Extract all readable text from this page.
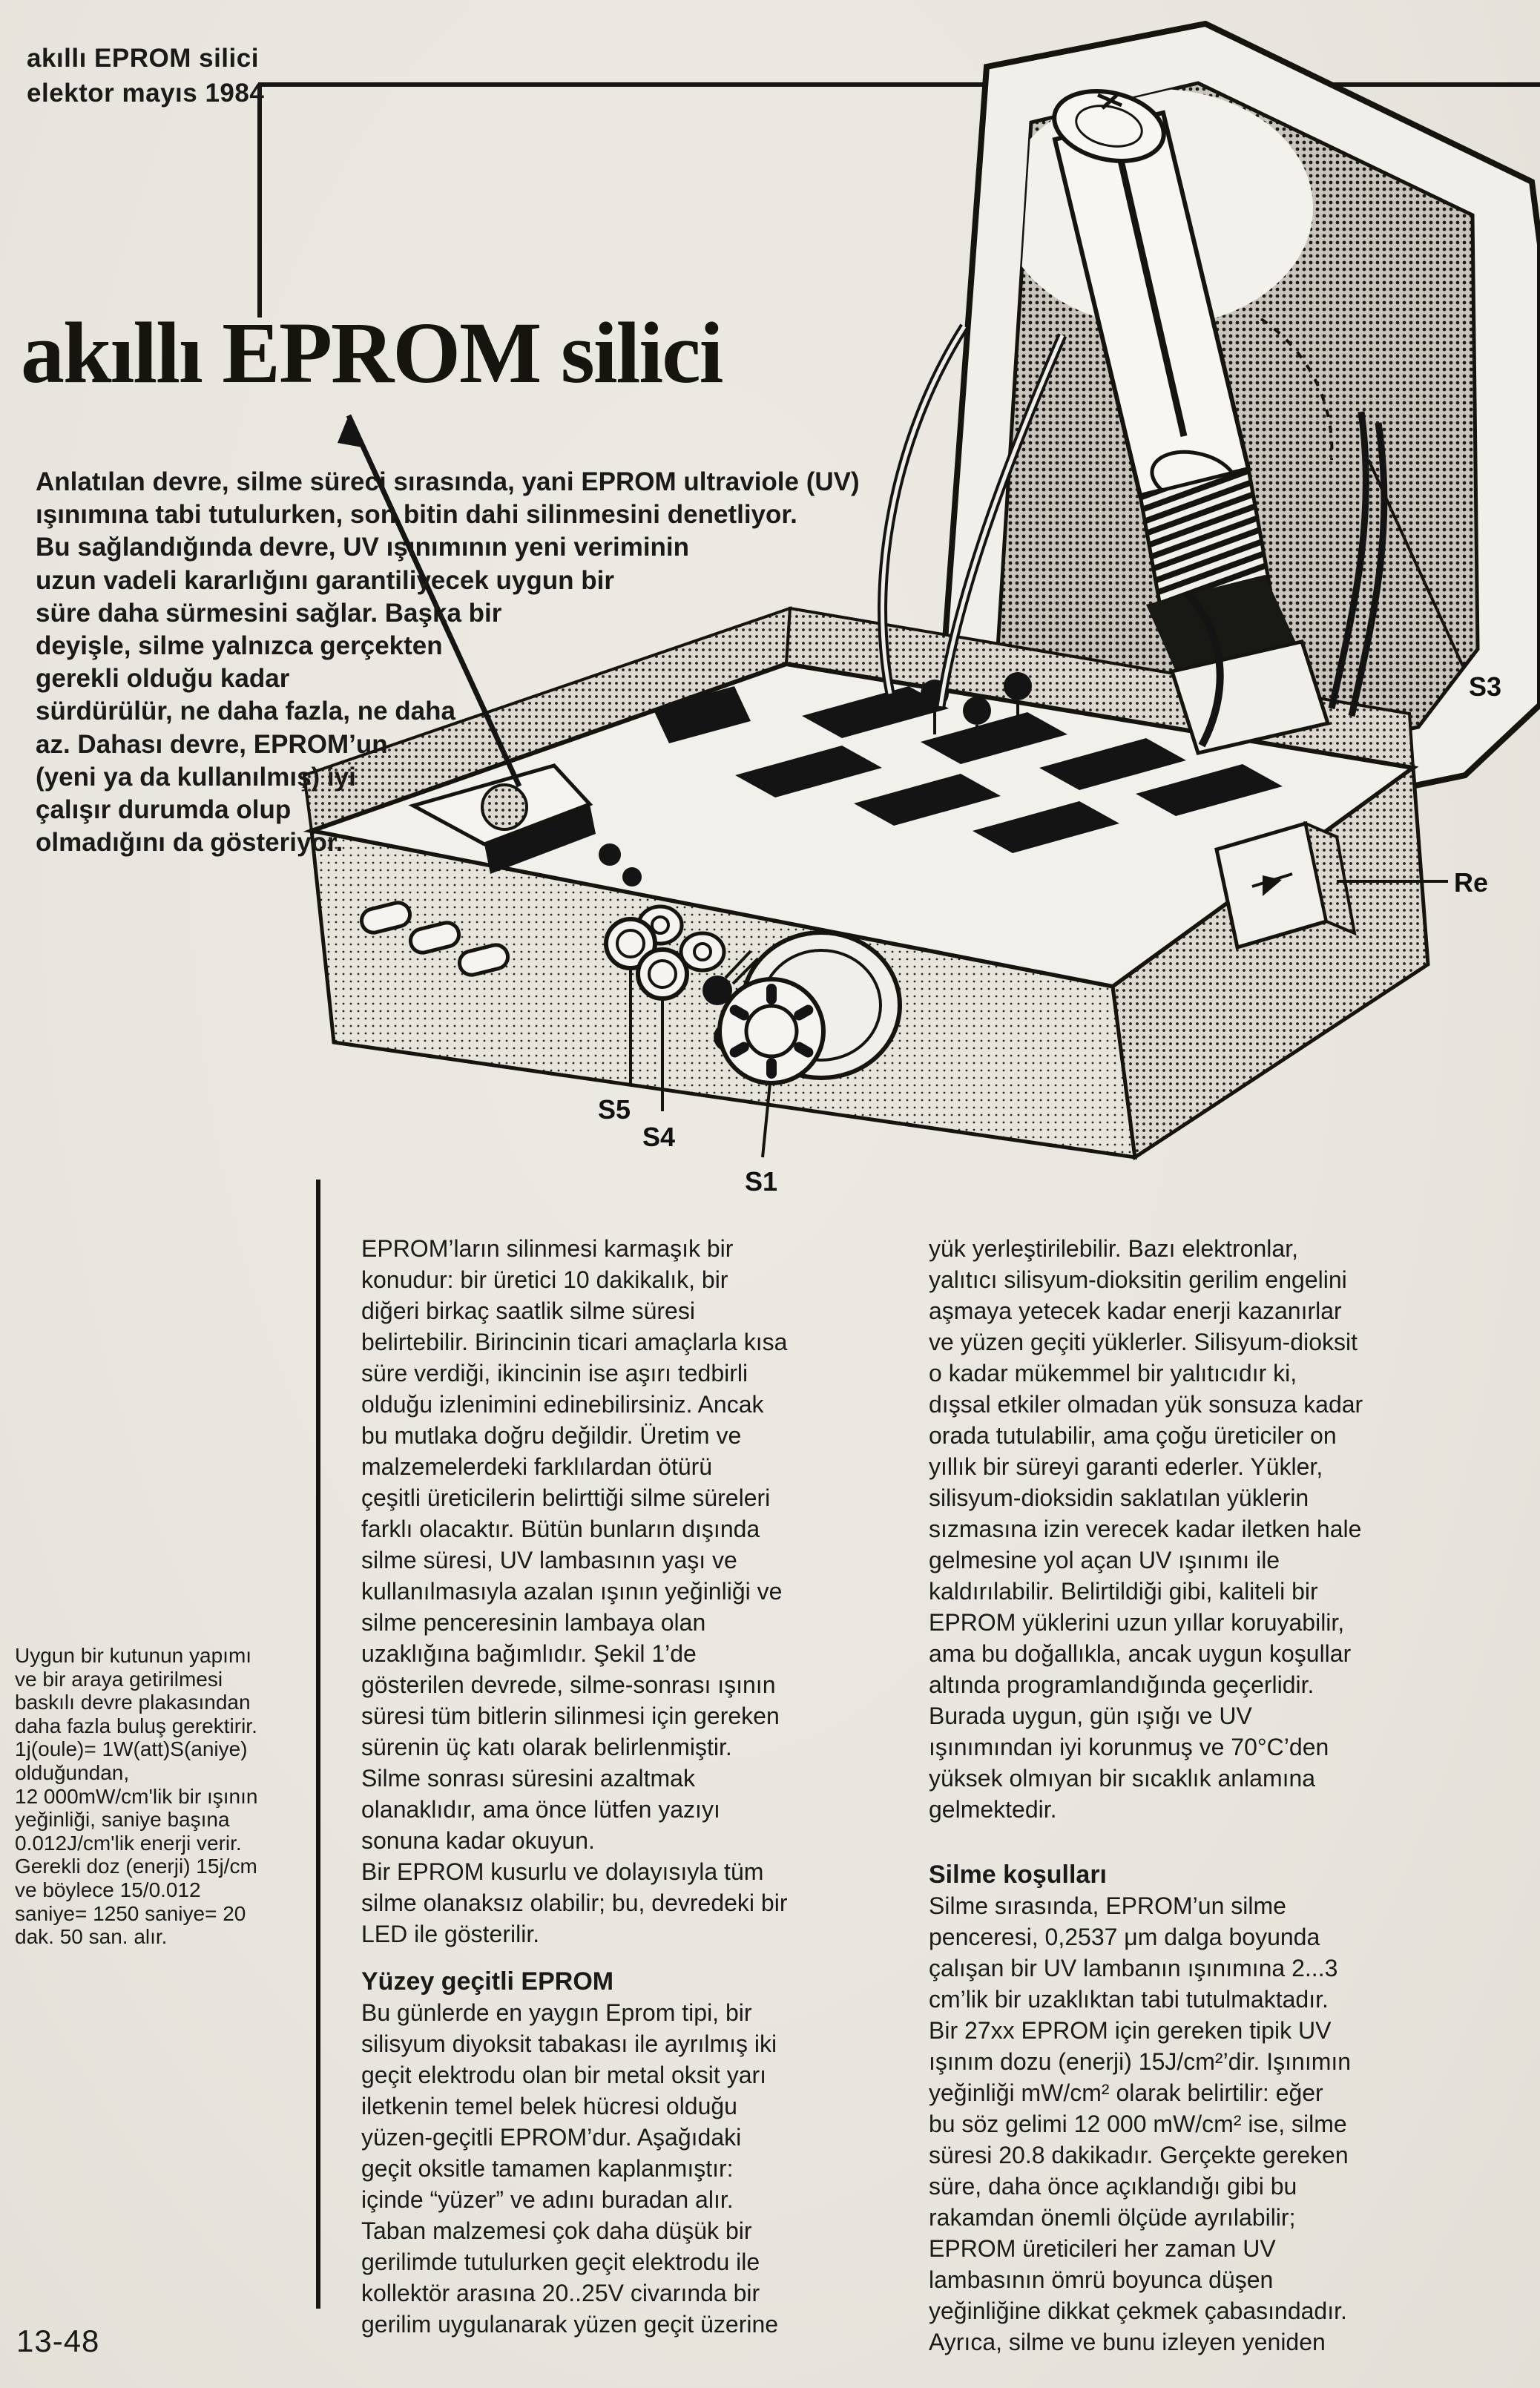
S3
Re
S5
S4
S1
akıllı EPROM silici
elektor mayıs 1984
akıllı EPROM silici
Anlatılan devre, silme süreci sırasında, yani EPROM ultraviole (UV)
ışınımına tabi tutulurken, son bitin dahi silinmesini denetliyor.
Bu sağlandığında devre, UV ışınımının yeni veriminin
uzun vadeli kararlığını garantiliyecek uygun bir
süre daha sürmesini sağlar. Başka bir
deyişle, silme yalnızca gerçekten
gerekli olduğu kadar
sürdürülür, ne daha fazla, ne daha
az. Dahası devre, EPROM’un
(yeni ya da kullanılmış) iyi
çalışır durumda olup
olmadığını da gösteriyor.
Uygun bir kutunun yapımı
ve bir araya getirilmesi
baskılı devre plakasından
daha fazla buluş gerektirir.
1j(oule)= 1W(att)S(aniye)
olduğundan,
12 000mW/cm'lik bir ışının
yeğinliği, saniye başına
0.012J/cm'lik enerji verir.
Gerekli doz (enerji) 15j/cm
ve böylece 15/0.012
saniye= 1250 saniye= 20
dak. 50 san. alır.
EPROM’ların silinmesi karmaşık bir
konudur: bir üretici 10 dakikalık, bir
diğeri birkaç saatlik silme süresi
belirtebilir. Birincinin ticari amaçlarla kısa
süre verdiği, ikincinin ise aşırı tedbirli
olduğu izlenimini edinebilirsiniz. Ancak
bu mutlaka doğru değildir. Üretim ve
malzemelerdeki farklılardan ötürü
çeşitli üreticilerin belirttiği silme süreleri
farklı olacaktır. Bütün bunların dışında
silme süresi, UV lambasının yaşı ve
kullanılmasıyla azalan ışının yeğinliği ve
silme penceresinin lambaya olan
uzaklığına bağımlıdır. Şekil 1’de
gösterilen devrede, silme-sonrası ışının
süresi tüm bitlerin silinmesi için gereken
sürenin üç katı olarak belirlenmiştir.
Silme sonrası süresini azaltmak
olanaklıdır, ama önce lütfen yazıyı
sonuna kadar okuyun.
Bir EPROM kusurlu ve dolayısıyla tüm
silme olanaksız olabilir; bu, devredeki bir
LED ile gösterilir.
Yüzey geçitli EPROM
Bu günlerde en yaygın Eprom tipi, bir
silisyum diyoksit tabakası ile ayrılmış iki
geçit elektrodu olan bir metal oksit yarı
iletkenin temel belek hücresi olduğu
yüzen-geçitli EPROM’dur. Aşağıdaki
geçit oksitle tamamen kaplanmıştır:
içinde “yüzer” ve adını buradan alır.
Taban malzemesi çok daha düşük bir
gerilimde tutulurken geçit elektrodu ile
kollektör arasına 20..25V civarında bir
gerilim uygulanarak yüzen geçit üzerine
yük yerleştirilebilir. Bazı elektronlar,
yalıtıcı silisyum-dioksitin gerilim engelini
aşmaya yetecek kadar enerji kazanırlar
ve yüzen geçiti yüklerler. Silisyum-dioksit
o kadar mükemmel bir yalıtıcıdır ki,
dışsal etkiler olmadan yük sonsuza kadar
orada tutulabilir, ama çoğu üreticiler on
yıllık bir süreyi garanti ederler. Yükler,
silisyum-dioksidin saklatılan yüklerin
sızmasına izin verecek kadar iletken hale
gelmesine yol açan UV ışınımı ile
kaldırılabilir. Belirtildiği gibi, kaliteli bir
EPROM yüklerini uzun yıllar koruyabilir,
ama bu doğallıkla, ancak uygun koşullar
altında programlandığında geçerlidir.
Burada uygun, gün ışığı ve UV
ışınımından iyi korunmuş ve 70°C’den
yüksek olmıyan bir sıcaklık anlamına
gelmektedir.
Silme koşulları
Silme sırasında, EPROM’un silme
penceresi, 0,2537 μm dalga boyunda
çalışan bir UV lambanın ışınımına 2...3
cm’lik bir uzaklıktan tabi tutulmaktadır.
Bir 27xx EPROM için gereken tipik UV
ışınım dozu (enerji) 15J/cm²’dir. Işınımın
yeğinliği mW/cm² olarak belirtilir: eğer
bu söz gelimi 12 000 mW/cm² ise, silme
süresi 20.8 dakikadır. Gerçekte gereken
süre, daha önce açıklandığı gibi bu
rakamdan önemli ölçüde ayrılabilir;
EPROM üreticileri her zaman UV
lambasının ömrü boyunca düşen
yeğinliğine dikkat çekmek çabasındadır.
Ayrıca, silme ve bunu izleyen yeniden
13-48
